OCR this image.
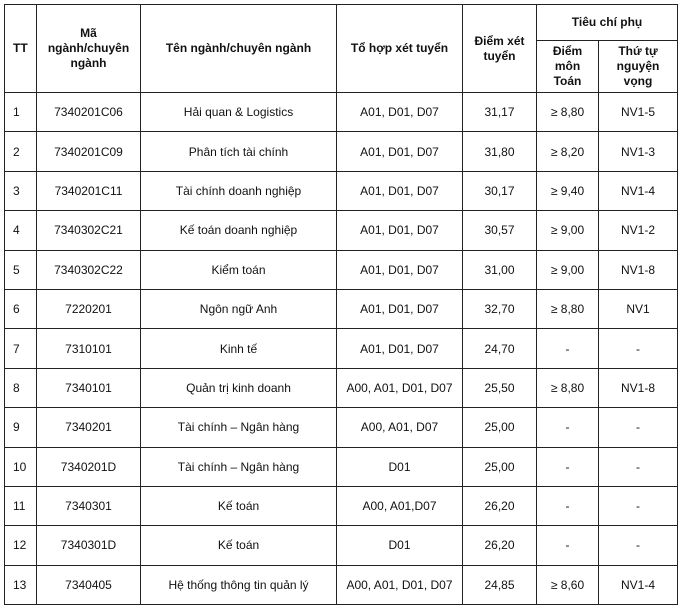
TT	Mã ngành/chuyên ngành	Tên ngành/chuyên ngành	Tổ hợp xét tuyển	Điểm xét tuyển	Tiêu chí phụ	
					Điểm môn Toán	Thứ tự nguyện vọng
1	7340201C06	Hải quan & Logistics	A01, D01, D07	31,17	≥ 8,80	NV1-5
2	7340201C09	Phân tích tài chính	A01, D01, D07	31,80	≥ 8,20	NV1-3
3	7340201C11	Tài chính doanh nghiệp	A01, D01, D07	30,17	≥ 9,40	NV1-4
4	7340302C21	Kế toán doanh nghiệp	A01, D01, D07	30,57	≥ 9,00	NV1-2
5	7340302C22	Kiểm toán	A01, D01, D07	31,00	≥ 9,00	NV1-8
6	7220201	Ngôn ngữ Anh	A01, D01, D07	32,70	≥ 8,80	NV1
7	7310101	Kinh tế	A01, D01, D07	24,70	-	-
8	7340101	Quản trị kinh doanh	A00, A01, D01, D07	25,50	≥ 8,80	NV1-8
9	7340201	Tài chính – Ngân hàng	A00, A01, D07	25,00	-	-
10	7340201D	Tài chính – Ngân hàng	D01	25,00	-	-
11	7340301	Kế toán	A00, A01,D07	26,20	-	-
12	7340301D	Kế toán	D01	26,20	-	-
13	7340405	Hệ thống thông tin quản lý	A00, A01, D01, D07	24,85	≥ 8,60	NV1-4
